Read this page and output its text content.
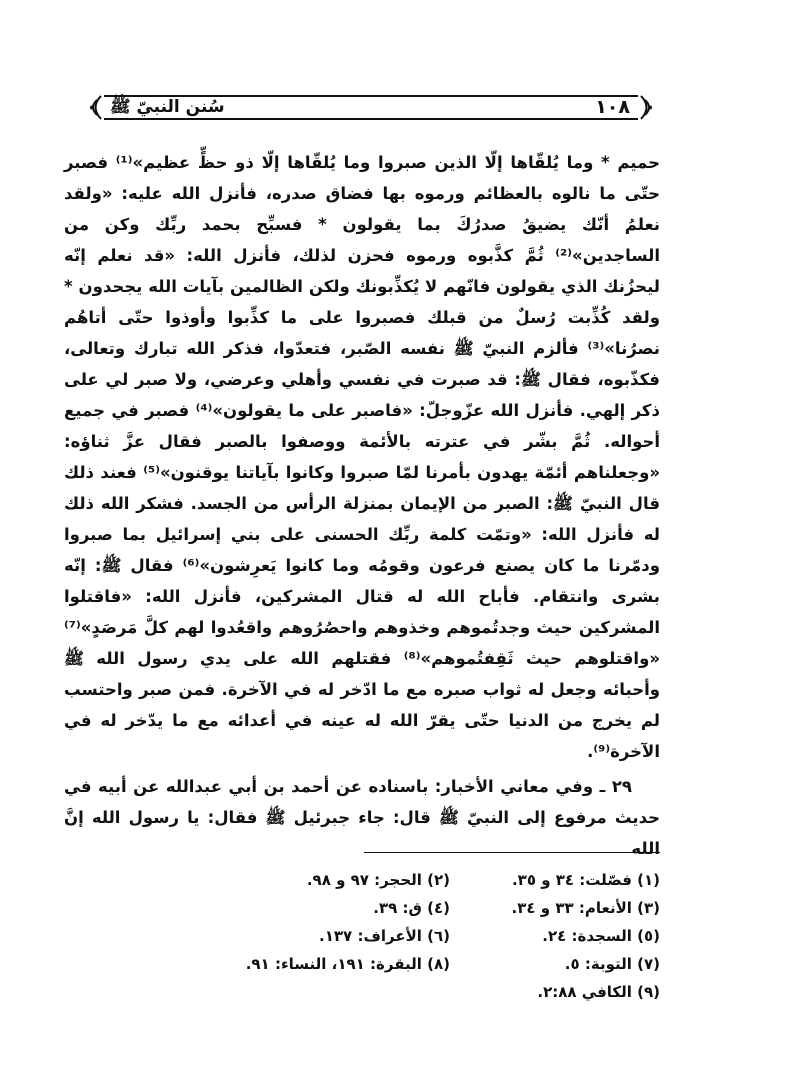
سُنن النبيّ ﷺ	١٠٨

حميم * وما يُلقّاها إلّا الذين صبروا وما يُلقّاها إلّا ذو حظٍّ عظيم»⁽¹⁾ فصبر حتّى ما نالوه بالعظائم ورموه بها فضاق صدره، فأنزل الله عليه: «ولقد نعلمُ أنّك يضيقُ صدرُكَ بما يقولون * فسبِّح بحمد ربِّك وكن من الساجدين»⁽²⁾ ثُمَّ كذَّبوه ورموه فحزن لذلك، فأنزل الله: «قد نعلم إنّه ليحزُنك الذي يقولون فانّهم لا يُكذِّبونك ولكن الظالمين بآيات الله يجحدون * ولقد كُذِّبت رُسلٌ من قبلك فصبروا على ما كذِّبوا وأوذوا حتّى أتاهُم نصرُنا»⁽³⁾ فألزم النبيّ ﷺ نفسه الصّبر، فتعدّوا، فذكر الله تبارك وتعالى، فكذّبوه، فقال ﷺ: قد صبرت في نفسي وأهلي وعرضي، ولا صبر لي على ذكر إلهي. فأنزل الله عزّوجلّ: «فاصبر على ما يقولون»⁽⁴⁾ فصبر في جميع أحواله. ثُمَّ بشّر في عترته بالأئمة ووصفوا بالصبر فقال عزَّ ثناؤه: «وجعلناهم أئمّة يهدون بأمرنا لمّا صبروا وكانوا بآياتنا يوقنون»⁽⁵⁾ فعند ذلك قال النبيّ ﷺ: الصبر من الإيمان بمنزلة الرأس من الجسد. فشكر الله ذلك له فأنزل الله: «وتمّت كلمة ربِّك الحسنى على بني إسرائيل بما صبروا ودمّرنا ما كان يصنع فرعون وقومُه وما كانوا يَعرِشون»⁽⁶⁾ فقال ﷺ: إنّه بشرى وانتقام. فأباح الله له قتال المشركين، فأنزل الله: «فاقتلوا المشركين حيث وجدتُموهم وخذوهم واحصُرُوهم واقعُدوا لهم كلَّ مَرصَدٍ»⁽⁷⁾ «واقتلوهم حيث ثَقِفتُموهم»⁽⁸⁾ فقتلهم الله على يدي رسول الله ﷺ وأحبائه وجعل له ثواب صبره مع ما ادّخر له في الآخرة. فمن صبر واحتسب لم يخرج من الدنيا حتّى يقرّ الله له عينه في أعدائه مع ما يدّخر له في الآخرة⁽⁹⁾.

٢٩ ـ وفي معاني الأخبار: باسناده عن أحمد بن أبي عبدالله عن أبيه في حديث مرفوع إلى النبيّ ﷺ قال: جاء جبرئيل ﷺ فقال: يا رسول الله إنَّ الله

(١) فصّلت: ٣٤ و ٣٥.
(٢) الحجر: ٩٧ و ٩٨.
(٣) الأنعام: ٣٣ و ٣٤.
(٤) ق: ٣٩.
(٥) السجدة: ٢٤.
(٦) الأعراف: ١٣٧.
(٧) التوبة: ٥.
(٨) البقرة: ١٩١، النساء: ٩١.
(٩) الكافي ٢:٨٨.
